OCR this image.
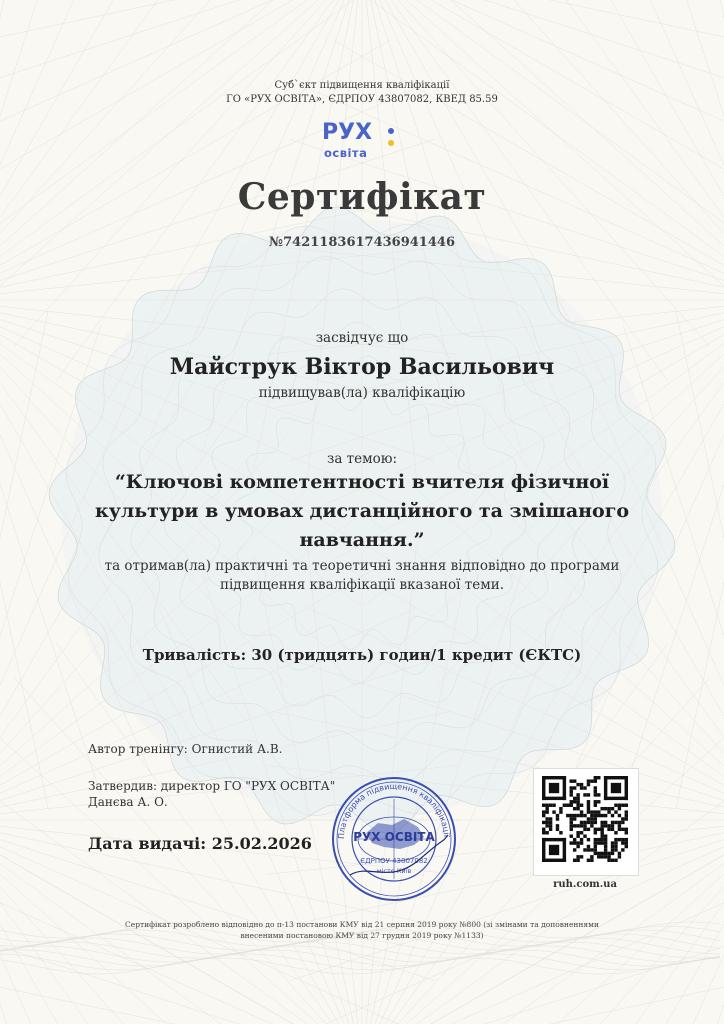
Суб`єкт підвищення кваліфікації
ГО «РУХ ОСВІТА», ЄДРПОУ 43807082, КВЕД 85.59
РУХ
освіта
Сертифікат
№7421183617436941446
засвідчує що
Майструк Віктор Васильович
підвищував(ла) кваліфікацію
за темою:
“Ключові компетентності вчителя фізичної
культури в умовах дистанційного та змішаного
навчання.”
та отримав(ла) практичні та теоретичні знання відповідно до програми
підвищення кваліфікації вказаної теми.
Тривалість: 30 (тридцять) годин/1 кредит (ЄКТС)
Автор тренінгу: Огнистий А.В.
Затвердив: директор ГО "РУХ ОСВІТА"
Данєва А. О.
Дата видачі: 25.02.2026	Платформа підвищення кваліфікації
РУХ ОСВІТА
ЄДРПОУ 43807082
місто Київ
ruh.com.ua
Сертифікат розроблено відповідно до п-13 постанови КМУ від 21 серпня 2019 року №800 (зі змінами та доповненнями
внесеними постановою КМУ від 27 грудня 2019 року №1133)
